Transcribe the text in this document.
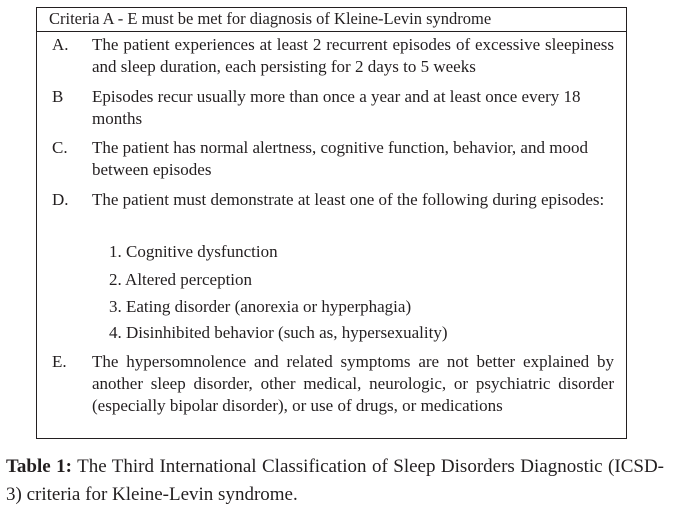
Criteria A - E must be met for diagnosis of Kleine-Levin syndrome
A. The patient experiences at least 2 recurrent episodes of excessive sleepiness and sleep duration, each persisting for 2 days to 5 weeks
B Episodes recur usually more than once a year and at least once every 18 months
C. The patient has normal alertness, cognitive function, behavior, and mood between episodes
D. The patient must demonstrate at least one of the following during episodes:
1. Cognitive dysfunction
2. Altered perception
3. Eating disorder (anorexia or hyperphagia)
4. Disinhibited behavior (such as, hypersexuality)
E. The hypersomnolence and related symptoms are not better explained by another sleep disorder, other medical, neurologic, or psychiatric disorder (especially bipolar disorder), or use of drugs, or medications
Table 1: The Third International Classification of Sleep Disorders Diagnostic (ICSD-3) criteria for Kleine-Levin syndrome.
